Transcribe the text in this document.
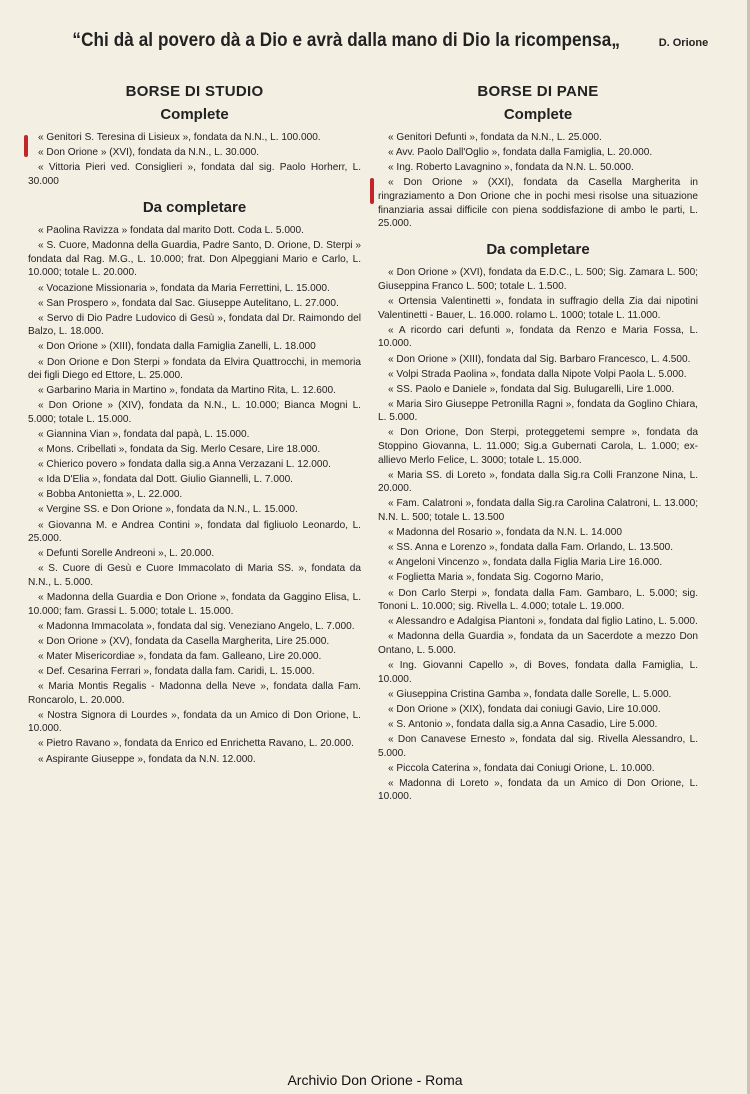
“Chi dà al povero dà a Dio e avrà dalla mano di Dio la ricompensa„	D. Orione
BORSE DI STUDIO
Complete

« Genitori S. Teresina di Lisieux », fondata da N.N., L. 100.000.

« Don Orione » (XVI), fondata da N.N., L. 30.000.

« Vittoria Pieri ved. Consiglieri », fondata dal sig. Paolo Horherr, L. 30.000

Da completare

« Paolina Ravizza » fondata dal marito Dott. Coda L. 5.000.

« S. Cuore, Madonna della Guardia, Padre Santo, D. Orione, D. Sterpi » fondata dal Rag. M.G., L. 10.000; frat. Don Alpeggiani Mario e Carlo, L. 10.000; totale L. 20.000.

« Vocazione Missionaria », fondata da Maria Ferrettini, L. 15.000.

« San Prospero », fondata dal Sac. Giuseppe Autelitano, L. 27.000.

« Servo di Dio Padre Ludovico di Gesù », fondata dal Dr. Raimondo del Balzo, L. 18.000.

« Don Orione » (XIII), fondata dalla Famiglia Zanelli, L. 18.000

« Don Orione e Don Sterpi » fondata da Elvira Quattrocchi, in memoria dei figli Diego ed Ettore, L. 25.000.

« Garbarino Maria in Martino », fondata da Martino Rita, L. 12.600.

« Don Orione » (XIV), fondata da N.N., L. 10.000; Bianca Mogni L. 5.000; totale L. 15.000.

« Giannina Vian », fondata dal papà, L. 15.000.

« Mons. Cribellati », fondata da Sig. Merlo Cesare, Lire 18.000.

« Chierico povero » fondata dalla sig.a Anna Verzazani L. 12.000.

« Ida D'Elia », fondata dal Dott. Giulio Giannelli, L. 7.000.

« Bobba Antonietta », L. 22.000.

« Vergine SS. e Don Orione », fondata da N.N., L. 15.000.

« Giovanna M. e Andrea Contini », fondata dal figliuolo Leonardo, L. 25.000.

« Defunti Sorelle Andreoni », L. 20.000.

« S. Cuore di Gesù e Cuore Immacolato di Maria SS. », fondata da N.N., L. 5.000.

« Madonna della Guardia e Don Orione », fondata da Gaggino Elisa, L. 10.000; fam. Grassi L. 5.000; totale L. 15.000.

« Madonna Immacolata », fondata dal sig. Veneziano Angelo, L. 7.000.

« Don Orione » (XV), fondata da Casella Margherita, Lire 25.000.

« Mater Misericordiae », fondata da fam. Galleano, Lire 20.000.

« Def. Cesarina Ferrari », fondata dalla fam. Caridi, L. 15.000.

« Maria Montis Regalis - Madonna della Neve », fondata dalla Fam. Roncarolo, L. 20.000.

« Nostra Signora di Lourdes », fondata da un Amico di Don Orione, L. 10.000.

« Pietro Ravano », fondata da Enrico ed Enrichetta Ravano, L. 20.000.

« Aspirante Giuseppe », fondata da N.N. 12.000.

BORSE DI PANE
Complete

« Genitori Defunti », fondata da N.N., L. 25.000.

« Avv. Paolo Dall'Oglio », fondata dalla Famiglia, L. 20.000.

« Ing. Roberto Lavagnino », fondata da N.N. L. 50.000.

« Don Orione » (XXI), fondata da Casella Margherita in ringraziamento a Don Orione che in pochi mesi risolse una situazione finanziaria assai difficile con piena soddisfazione di ambo le parti, L. 25.000.

Da completare

« Don Orione » (XVI), fondata da E.D.C., L. 500; Sig. Zamara L. 500; Giuseppina Franco L. 500; totale L. 1.500.

« Ortensia Valentinetti », fondata in suffragio della Zia dai nipotini Valentinetti - Bauer, L. 16.000. rolamo L. 1000; totale L. 11.000.

« A ricordo cari defunti », fondata da Renzo e Maria Fossa, L. 10.000.

« Don Orione » (XIII), fondata dal Sig. Barbaro Francesco, L. 4.500.

« Volpi Strada Paolina », fondata dalla Nipote Volpi Paola L. 5.000.

« SS. Paolo e Daniele », fondata dal Sig. Bulugarelli, Lire 1.000.

« Maria Siro Giuseppe Petronilla Ragni », fondata da Goglino Chiara, L. 5.000.

« Don Orione, Don Sterpi, proteggetemi sempre », fondata da Stoppino Giovanna, L. 11.000; Sig.a Gubernati Carola, L. 1.000; ex-allievo Merlo Felice, L. 3000; totale L. 15.000.

« Maria SS. di Loreto », fondata dalla Sig.ra Colli Franzone Nina, L. 20.000.

« Fam. Calatroni », fondata dalla Sig.ra Carolina Calatroni, L. 13.000; N.N. L. 500; totale L. 13.500

« Madonna del Rosario », fondata da N.N. L. 14.000

« SS. Anna e Lorenzo », fondata dalla Fam. Orlando, L. 13.500.

« Angeloni Vincenzo », fondata dalla Figlia Maria Lire 16.000.

« Foglietta Maria », fondata Sig. Cogorno Mario,

« Don Carlo Sterpi », fondata dalla Fam. Gambaro, L. 5.000; sig. Tononi L. 10.000; sig. Rivella L. 4.000; totale L. 19.000.

« Alessandro e Adalgisa Piantoni », fondata dal figlio Latino, L. 5.000.

« Madonna della Guardia », fondata da un Sacerdote a mezzo Don Ontano, L. 5.000.

« Ing. Giovanni Capello », di Boves, fondata dalla Famiglia, L. 10.000.

« Giuseppina Cristina Gamba », fondata dalle Sorelle, L. 5.000.

« Don Orione » (XIX), fondata dai coniugi Gavio, Lire 10.000.

« S. Antonio », fondata dalla sig.a Anna Casadio, Lire 5.000.

« Don Canavese Ernesto », fondata dal sig. Rivella Alessandro, L. 5.000.

« Piccola Caterina », fondata dai Coniugi Orione, L. 10.000.

« Madonna di Loreto », fondata da un Amico di Don Orione, L. 10.000.

Archivio Don Orione - Roma
